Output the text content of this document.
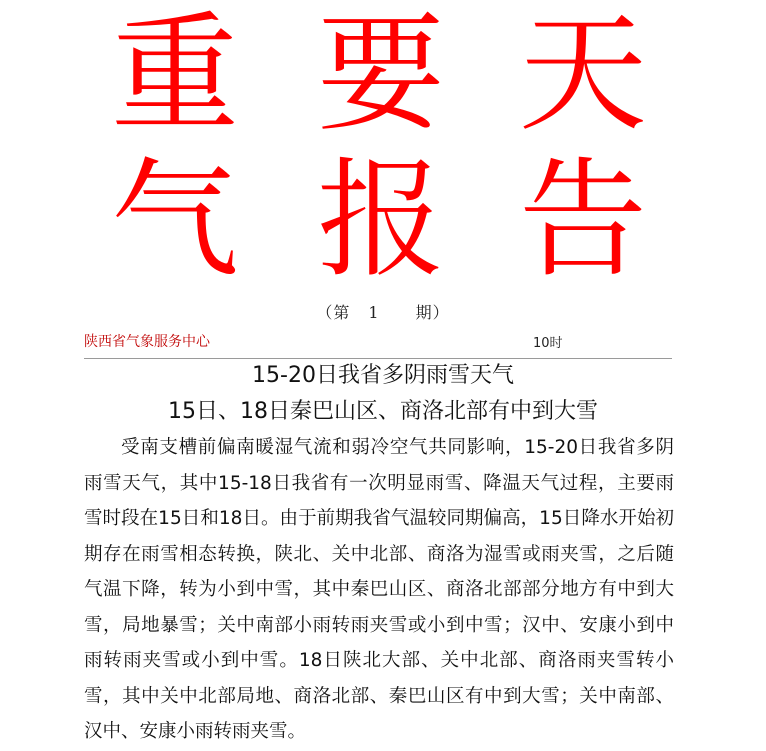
重 要 天
气 报 告
（第 1 期）
陕西省气象服务中心	10时
15-20日我省多阴雨雪天气
15日、18日秦巴山区、商洛北部有中到大雪

受南支槽前偏南暖湿气流和弱冷空气共同影响，15-20日我省多阴雨雪天气，其中15-18日我省有一次明显雨雪、降温天气过程，主要雨雪时段在15日和18日。由于前期我省气温较同期偏高，15日降水开始初期存在雨雪相态转换，陕北、关中北部、商洛为湿雪或雨夹雪，之后随气温下降，转为小到中雪，其中秦巴山区、商洛北部部分地方有中到大雪，局地暴雪；关中南部小雨转雨夹雪或小到中雪；汉中、安康小到中雨转雨夹雪或小到中雪。18日陕北大部、关中北部、商洛雨夹雪转小雪，其中关中北部局地、商洛北部、秦巴山区有中到大雪；关中南部、汉中、安康小雨转雨夹雪。
